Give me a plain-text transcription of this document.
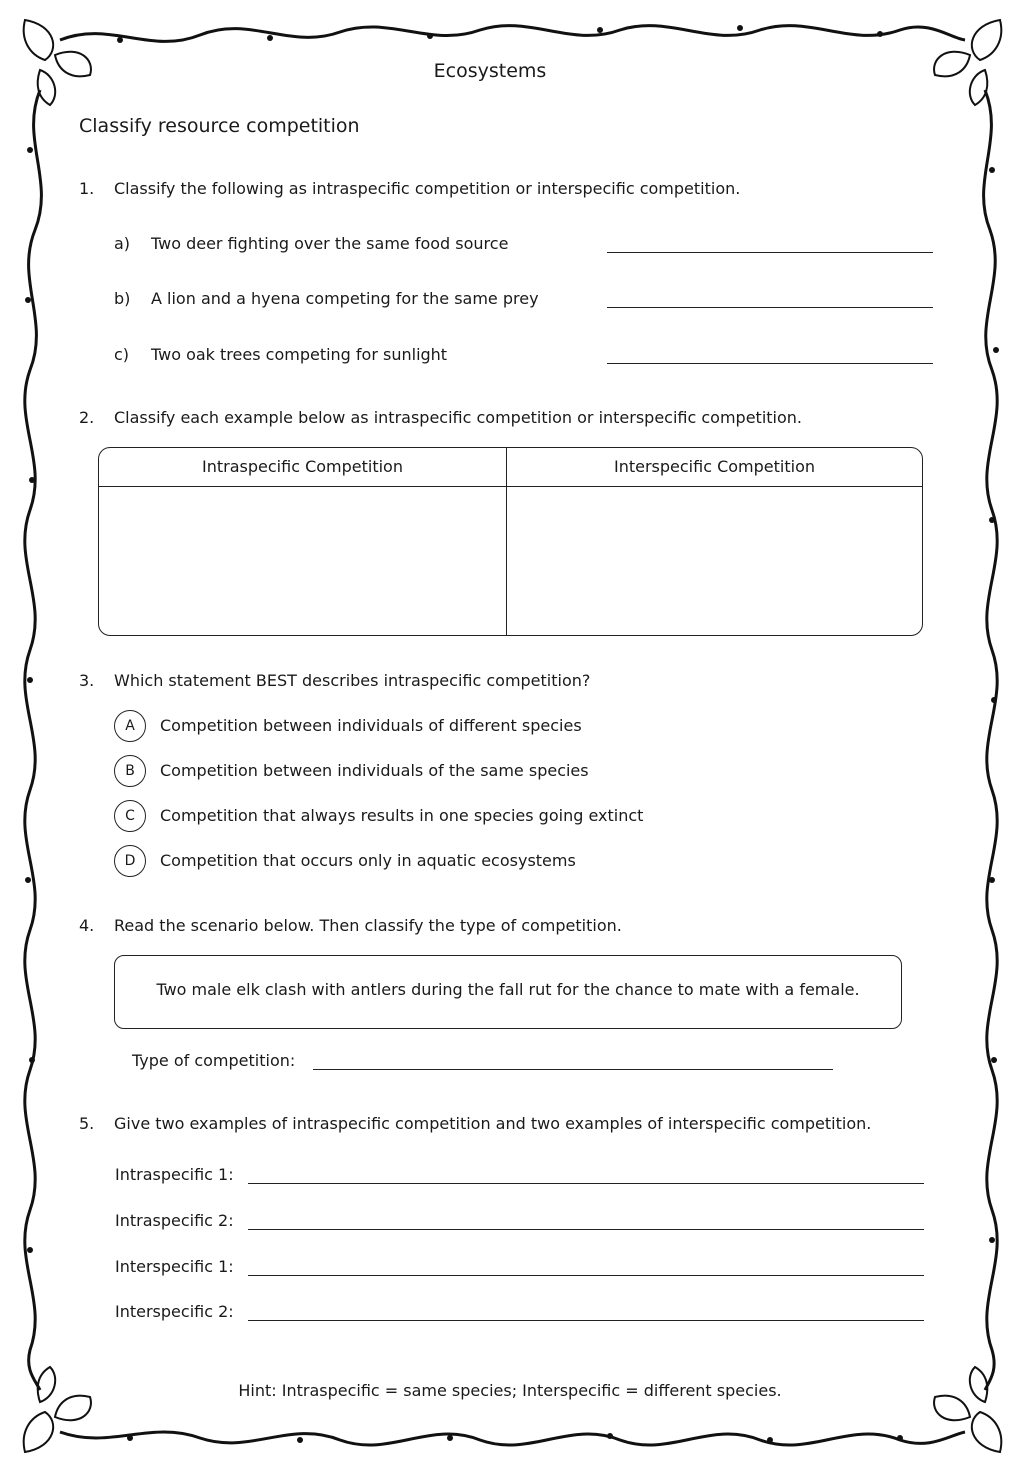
Ecosystems
Classify resource competition
1. Classify the following as intraspecific competition or interspecific competition.
a) Two deer fighting over the same food source
b) A lion and a hyena competing for the same prey
c) Two oak trees competing for sunlight
2. Classify each example below as intraspecific competition or interspecific competition.
Intraspecific Competition	Interspecific Competition
3. Which statement BEST describes intraspecific competition?
A	Competition between individuals of different species
B	Competition between individuals of the same species
C	Competition that always results in one species going extinct
D	Competition that occurs only in aquatic ecosystems
4. Read the scenario below. Then classify the type of competition.
Two male elk clash with antlers during the fall rut for the chance to mate with a female.
Type of competition:
5. Give two examples of intraspecific competition and two examples of interspecific competition.
Intraspecific 1:
Intraspecific 2:
Interspecific 1:
Interspecific 2:
Hint: Intraspecific = same species; Interspecific = different species.
